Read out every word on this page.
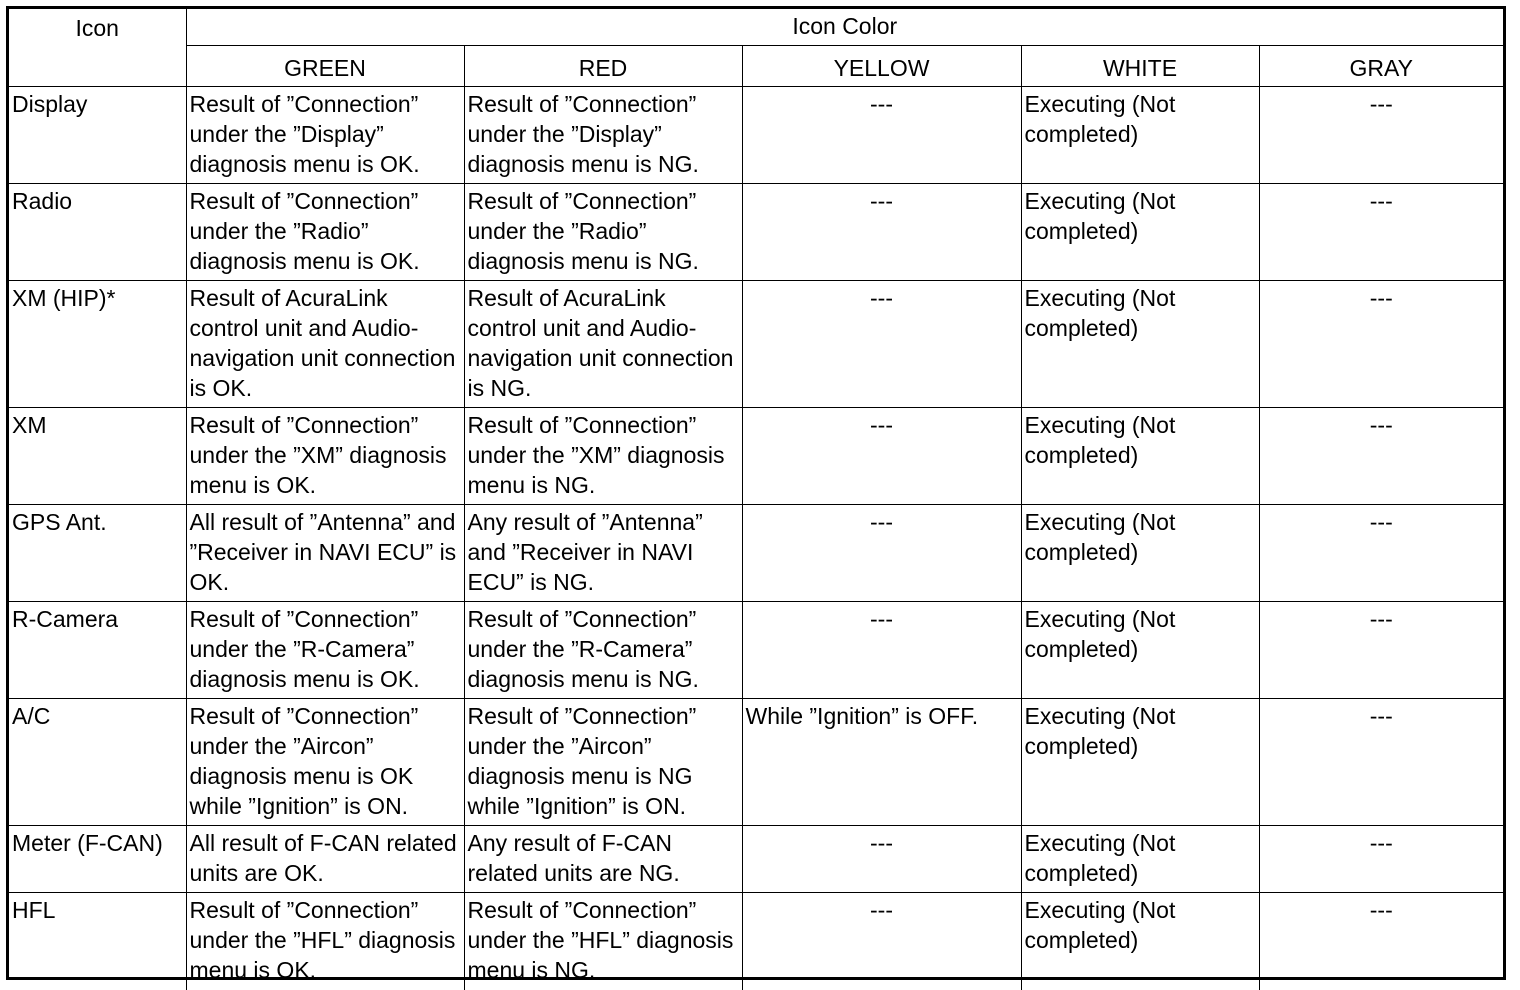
Icon	Icon Color				
	GREEN	RED	YELLOW	WHITE	GRAY
Display	Result of ”Connection” under the ”Display” diagnosis menu is OK.	Result of ”Connection” under the ”Display” diagnosis menu is NG.	---	Executing (Not completed)	---
Radio	Result of ”Connection” under the ”Radio” diagnosis menu is OK.	Result of ”Connection” under the ”Radio” diagnosis menu is NG.	---	Executing (Not completed)	---
XM (HIP)*	Result of AcuraLink control unit and Audio-navigation unit connection is OK.	Result of AcuraLink control unit and Audio-navigation unit connection is NG.	---	Executing (Not completed)	---
XM	Result of ”Connection” under the ”XM” diagnosis menu is OK.	Result of ”Connection” under the ”XM” diagnosis menu is NG.	---	Executing (Not completed)	---
GPS Ant.	All result of ”Antenna” and ”Receiver in NAVI ECU” is OK.	Any result of ”Antenna” and ”Receiver in NAVI ECU” is NG.	---	Executing (Not completed)	---
R-Camera	Result of ”Connection” under the ”R-Camera” diagnosis menu is OK.	Result of ”Connection” under the ”R-Camera” diagnosis menu is NG.	---	Executing (Not completed)	---
A/C	Result of ”Connection” under the ”Aircon” diagnosis menu is OK while ”Ignition” is ON.	Result of ”Connection” under the ”Aircon” diagnosis menu is NG while ”Ignition” is ON.	While ”Ignition” is OFF.	Executing (Not completed)	---
Meter (F-CAN)	All result of F-CAN related units are OK.	Any result of F-CAN related units are NG.	---	Executing (Not completed)	---
HFL	Result of ”Connection” under the ”HFL” diagnosis menu is OK.	Result of ”Connection” under the ”HFL” diagnosis menu is NG.	---	Executing (Not completed)	---
